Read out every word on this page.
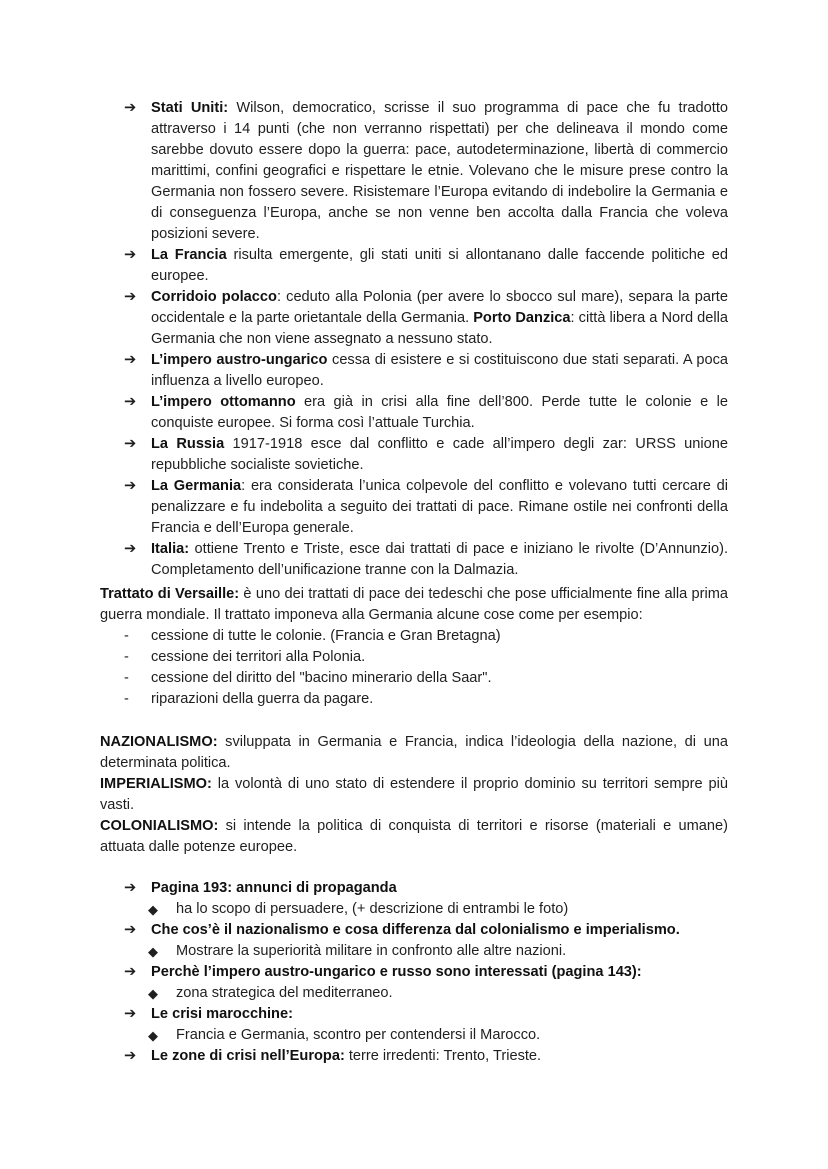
➔ Stati Uniti: Wilson, democratico, scrisse il suo programma di pace che fu tradotto attraverso i 14 punti (che non verranno rispettati) per che delineava il mondo come sarebbe dovuto essere dopo la guerra: pace, autodeterminazione, libertà di commercio marittimi, confini geografici e rispettare le etnie. Volevano che le misure prese contro la Germania non fossero severe. Risistemare l’Europa evitando di indebolire la Germania e di conseguenza l’Europa, anche se non venne ben accolta dalla Francia che voleva posizioni severe.
➔ La Francia risulta emergente, gli stati uniti si allontanano dalle faccende politiche ed europee.
➔ Corridoio polacco: ceduto alla Polonia (per avere lo sbocco sul mare), separa la parte occidentale e la parte orietantale della Germania. Porto Danzica: città libera a Nord della Germania che non viene assegnato a nessuno stato.
➔ L’impero austro-ungarico cessa di esistere e si costituiscono due stati separati. A poca influenza a livello europeo.
➔ L’impero ottomanno era già in crisi alla fine dell’800. Perde tutte le colonie e le conquiste europee. Si forma così l’attuale Turchia.
➔ La Russia 1917-1918 esce dal conflitto e cade all’impero degli zar: URSS unione repubbliche socialiste sovietiche.
➔ La Germania: era considerata l’unica colpevole del conflitto e volevano tutti cercare di penalizzare e fu indebolita a seguito dei trattati di pace. Rimane ostile nei confronti della Francia e dell’Europa generale.
➔ Italia: ottiene Trento e Triste, esce dai trattati di pace e iniziano le rivolte (D’Annunzio). Completamento dell’unificazione tranne con la Dalmazia.
Trattato di Versaille: è uno dei trattati di pace dei tedeschi che pose ufficialmente fine alla prima guerra mondiale. Il trattato imponeva alla Germania alcune cose come per esempio:
- cessione di tutte le colonie. (Francia e Gran Bretagna)
- cessione dei territori alla Polonia.
- cessione del diritto del "bacino minerario della Saar".
- riparazioni della guerra da pagare.
NAZIONALISMO: sviluppata in Germania e Francia, indica l’ideologia della nazione, di una determinata politica.
IMPERIALISMO: la volontà di uno stato di estendere il proprio dominio su territori sempre più vasti.
COLONIALISMO: si intende la politica di conquista di territori e risorse (materiali e umane) attuata dalle potenze europee.
➔ Pagina 193: annunci di propaganda
◆ ha lo scopo di persuadere, (+ descrizione di entrambi le foto)
➔ Che cos’è il nazionalismo e cosa differenza dal colonialismo e imperialismo.
◆ Mostrare la superiorità militare in confronto alle altre nazioni.
➔ Perchè l’impero austro-ungarico e russo sono interessati (pagina 143):
◆ zona strategica del mediterraneo.
➔ Le crisi marocchine:
◆ Francia e Germania, scontro per contendersi il Marocco.
➔ Le zone di crisi nell’Europa: terre irredenti: Trento, Trieste.
